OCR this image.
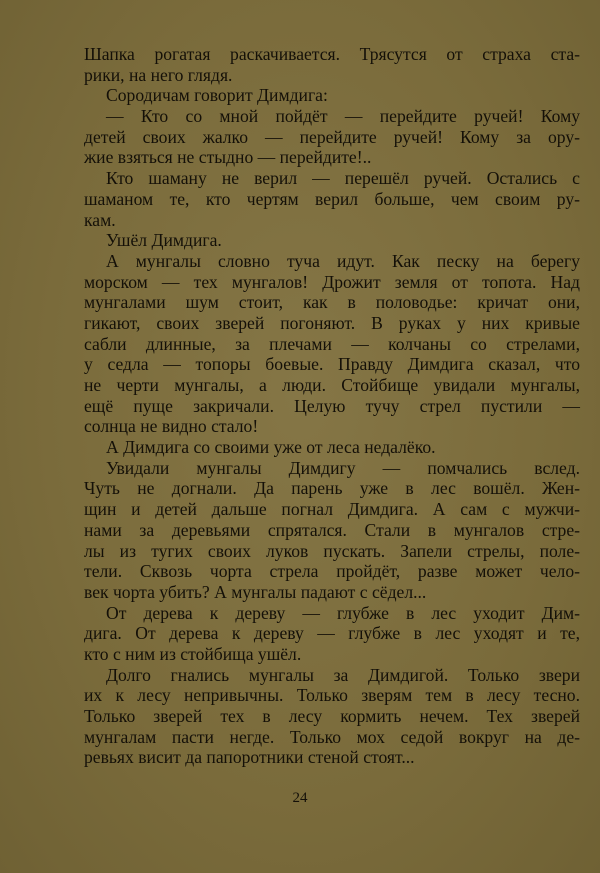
Шапка рогатая раскачивается. Трясутся от страха ста-
рики, на него глядя.
Сородичам говорит Димдига:
— Кто со мной пойдёт — перейдите ручей! Кому
детей своих жалко — перейдите ручей! Кому за ору-
жие взяться не стыдно — перейдите!..
Кто шаману не верил — перешёл ручей. Остались с
шаманом те, кто чертям верил больше, чем своим ру-
кам.
Ушёл Димдига.
А мунгалы словно туча идут. Как песку на берегу
морском — тех мунгалов! Дрожит земля от топота. Над
мунгалами шум стоит, как в половодье: кричат они,
гикают, своих зверей погоняют. В руках у них кривые
сабли длинные, за плечами — колчаны со стрелами,
у седла — топоры боевые. Правду Димдига сказал, что
не черти мунгалы, а люди. Стойбище увидали мунгалы,
ещё пуще закричали. Целую тучу стрел пустили —
солнца не видно стало!
А Димдига со своими уже от леса недалёко.
Увидали мунгалы Димдигу — помчались вслед.
Чуть не догнали. Да парень уже в лес вошёл. Жен-
щин и детей дальше погнал Димдига. А сам с мужчи-
нами за деревьями спрятался. Стали в мунгалов стре-
лы из тугих своих луков пускать. Запели стрелы, поле-
тели. Сквозь чорта стрела пройдёт, разве может чело-
век чорта убить? А мунгалы падают с сёдел...
От дерева к дереву — глубже в лес уходит Дим-
дига. От дерева к дереву — глубже в лес уходят и те,
кто с ним из стойбища ушёл.
Долго гнались мунгалы за Димдигой. Только звери
их к лесу непривычны. Только зверям тем в лесу тесно.
Только зверей тех в лесу кормить нечем. Тех зверей
мунгалам пасти негде. Только мох седой вокруг на де-
ревьях висит да папоротники стеной стоят...
24
